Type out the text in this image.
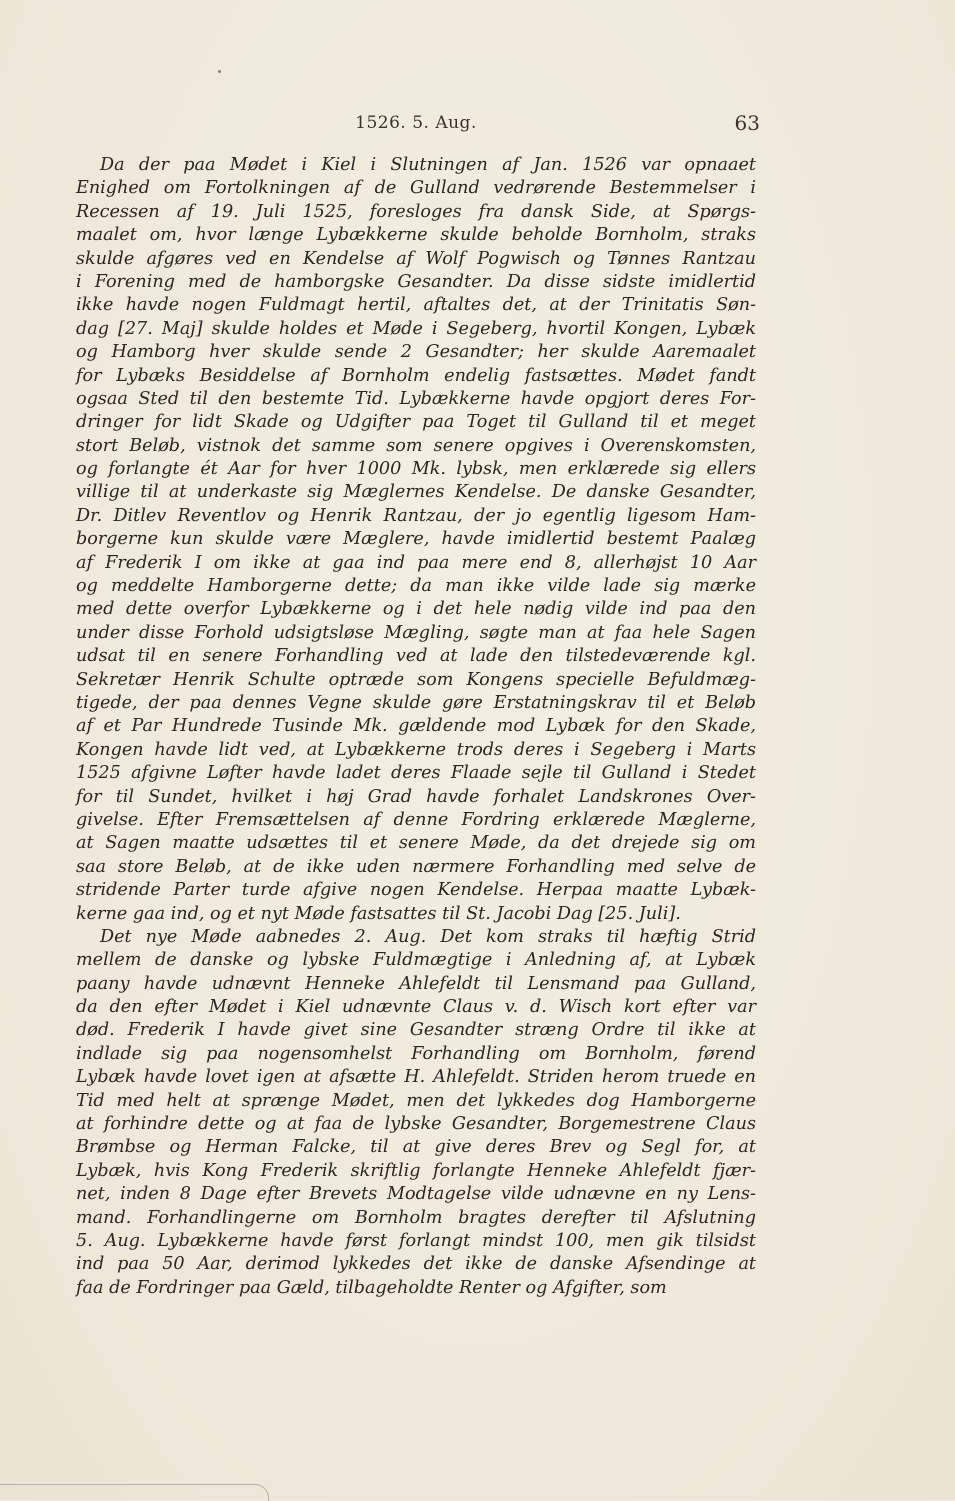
1526. 5. Aug.	63
Da der paa Mødet i Kiel i Slutningen af Jan. 1526 var opnaaet
Enighed om Fortolkningen af de Gulland vedrørende Bestemmelser i
Recessen af 19. Juli 1525, foresloges fra dansk Side, at Spørgs-
maalet om, hvor længe Lybækkerne skulde beholde Bornholm, straks
skulde afgøres ved en Kendelse af Wolf Pogwisch og Tønnes Rantzau
i Forening med de hamborgske Gesandter. Da disse sidste imidlertid
ikke havde nogen Fuldmagt hertil, aftaltes det, at der Trinitatis Søn-
dag [27. Maj] skulde holdes et Møde i Segeberg, hvortil Kongen, Lybæk
og Hamborg hver skulde sende 2 Gesandter; her skulde Aaremaalet
for Lybæks Besiddelse af Bornholm endelig fastsættes. Mødet fandt
ogsaa Sted til den bestemte Tid. Lybækkerne havde opgjort deres For-
dringer for lidt Skade og Udgifter paa Toget til Gulland til et meget
stort Beløb, vistnok det samme som senere opgives i Overenskomsten,
og forlangte ét Aar for hver 1000 Mk. lybsk, men erklærede sig ellers
villige til at underkaste sig Mæglernes Kendelse. De danske Gesandter,
Dr. Ditlev Reventlov og Henrik Rantzau, der jo egentlig ligesom Ham-
borgerne kun skulde være Mæglere, havde imidlertid bestemt Paalæg
af Frederik I om ikke at gaa ind paa mere end 8, allerhøjst 10 Aar
og meddelte Hamborgerne dette; da man ikke vilde lade sig mærke
med dette overfor Lybækkerne og i det hele nødig vilde ind paa den
under disse Forhold udsigtsløse Mægling, søgte man at faa hele Sagen
udsat til en senere Forhandling ved at lade den tilstedeværende kgl.
Sekretær Henrik Schulte optræde som Kongens specielle Befuldmæg-
tigede, der paa dennes Vegne skulde gøre Erstatningskrav til et Beløb
af et Par Hundrede Tusinde Mk. gældende mod Lybæk for den Skade,
Kongen havde lidt ved, at Lybækkerne trods deres i Segeberg i Marts
1525 afgivne Løfter havde ladet deres Flaade sejle til Gulland i Stedet
for til Sundet, hvilket i høj Grad havde forhalet Landskrones Over-
givelse. Efter Fremsættelsen af denne Fordring erklærede Mæglerne,
at Sagen maatte udsættes til et senere Møde, da det drejede sig om
saa store Beløb, at de ikke uden nærmere Forhandling med selve de
stridende Parter turde afgive nogen Kendelse. Herpaa maatte Lybæk-
kerne gaa ind, og et nyt Møde fastsattes til St. Jacobi Dag [25. Juli].
Det nye Møde aabnedes 2. Aug. Det kom straks til hæftig Strid
mellem de danske og lybske Fuldmægtige i Anledning af, at Lybæk
paany havde udnævnt Henneke Ahlefeldt til Lensmand paa Gulland,
da den efter Mødet i Kiel udnævnte Claus v. d. Wisch kort efter var
død. Frederik I havde givet sine Gesandter stræng Ordre til ikke at
indlade sig paa nogensomhelst Forhandling om Bornholm, førend
Lybæk havde lovet igen at afsætte H. Ahlefeldt. Striden herom truede en
Tid med helt at sprænge Mødet, men det lykkedes dog Hamborgerne
at forhindre dette og at faa de lybske Gesandter, Borgemestrene Claus
Brømbse og Herman Falcke, til at give deres Brev og Segl for, at
Lybæk, hvis Kong Frederik skriftlig forlangte Henneke Ahlefeldt fjær-
net, inden 8 Dage efter Brevets Modtagelse vilde udnævne en ny Lens-
mand. Forhandlingerne om Bornholm bragtes derefter til Afslutning
5. Aug. Lybækkerne havde først forlangt mindst 100, men gik tilsidst
ind paa 50 Aar, derimod lykkedes det ikke de danske Afsendinge at
faa de Fordringer paa Gæld, tilbageholdte Renter og Afgifter, som
